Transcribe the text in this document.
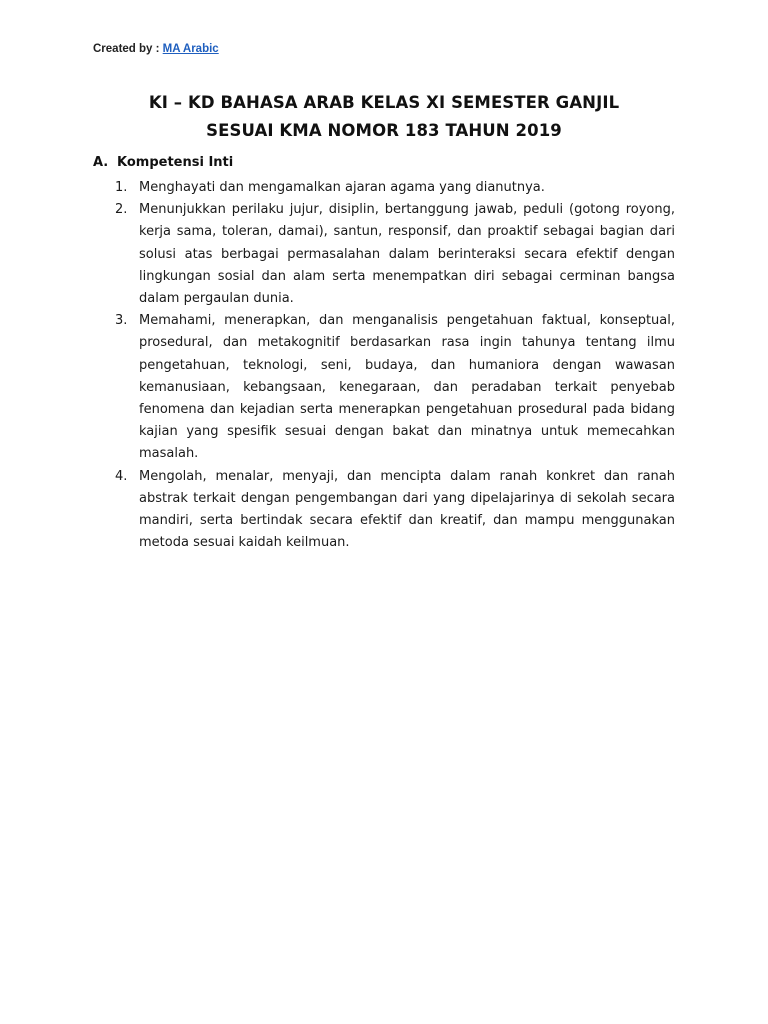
Created by : MA Arabic
KI – KD BAHASA ARAB KELAS XI SEMESTER GANJIL
SESUAI KMA NOMOR 183 TAHUN 2019
A. Kompetensi Inti
1. Menghayati dan mengamalkan ajaran agama yang dianutnya.
2. Menunjukkan perilaku jujur, disiplin, bertanggung jawab, peduli (gotong royong, kerja sama, toleran, damai), santun, responsif, dan proaktif sebagai bagian dari solusi atas berbagai permasalahan dalam berinteraksi secara efektif dengan lingkungan sosial dan alam serta menempatkan diri sebagai cerminan bangsa dalam pergaulan dunia.
3. Memahami, menerapkan, dan menganalisis pengetahuan faktual, konseptual, prosedural, dan metakognitif berdasarkan rasa ingin tahunya tentang ilmu pengetahuan, teknologi, seni, budaya, dan humaniora dengan wawasan kemanusiaan, kebangsaan, kenegaraan, dan peradaban terkait penyebab fenomena dan kejadian serta menerapkan pengetahuan prosedural pada bidang kajian yang spesifik sesuai dengan bakat dan minatnya untuk memecahkan masalah.
4. Mengolah, menalar, menyaji, dan mencipta dalam ranah konkret dan ranah abstrak terkait dengan pengembangan dari yang dipelajarinya di sekolah secara mandiri, serta bertindak secara efektif dan kreatif, dan mampu menggunakan metoda sesuai kaidah keilmuan.
